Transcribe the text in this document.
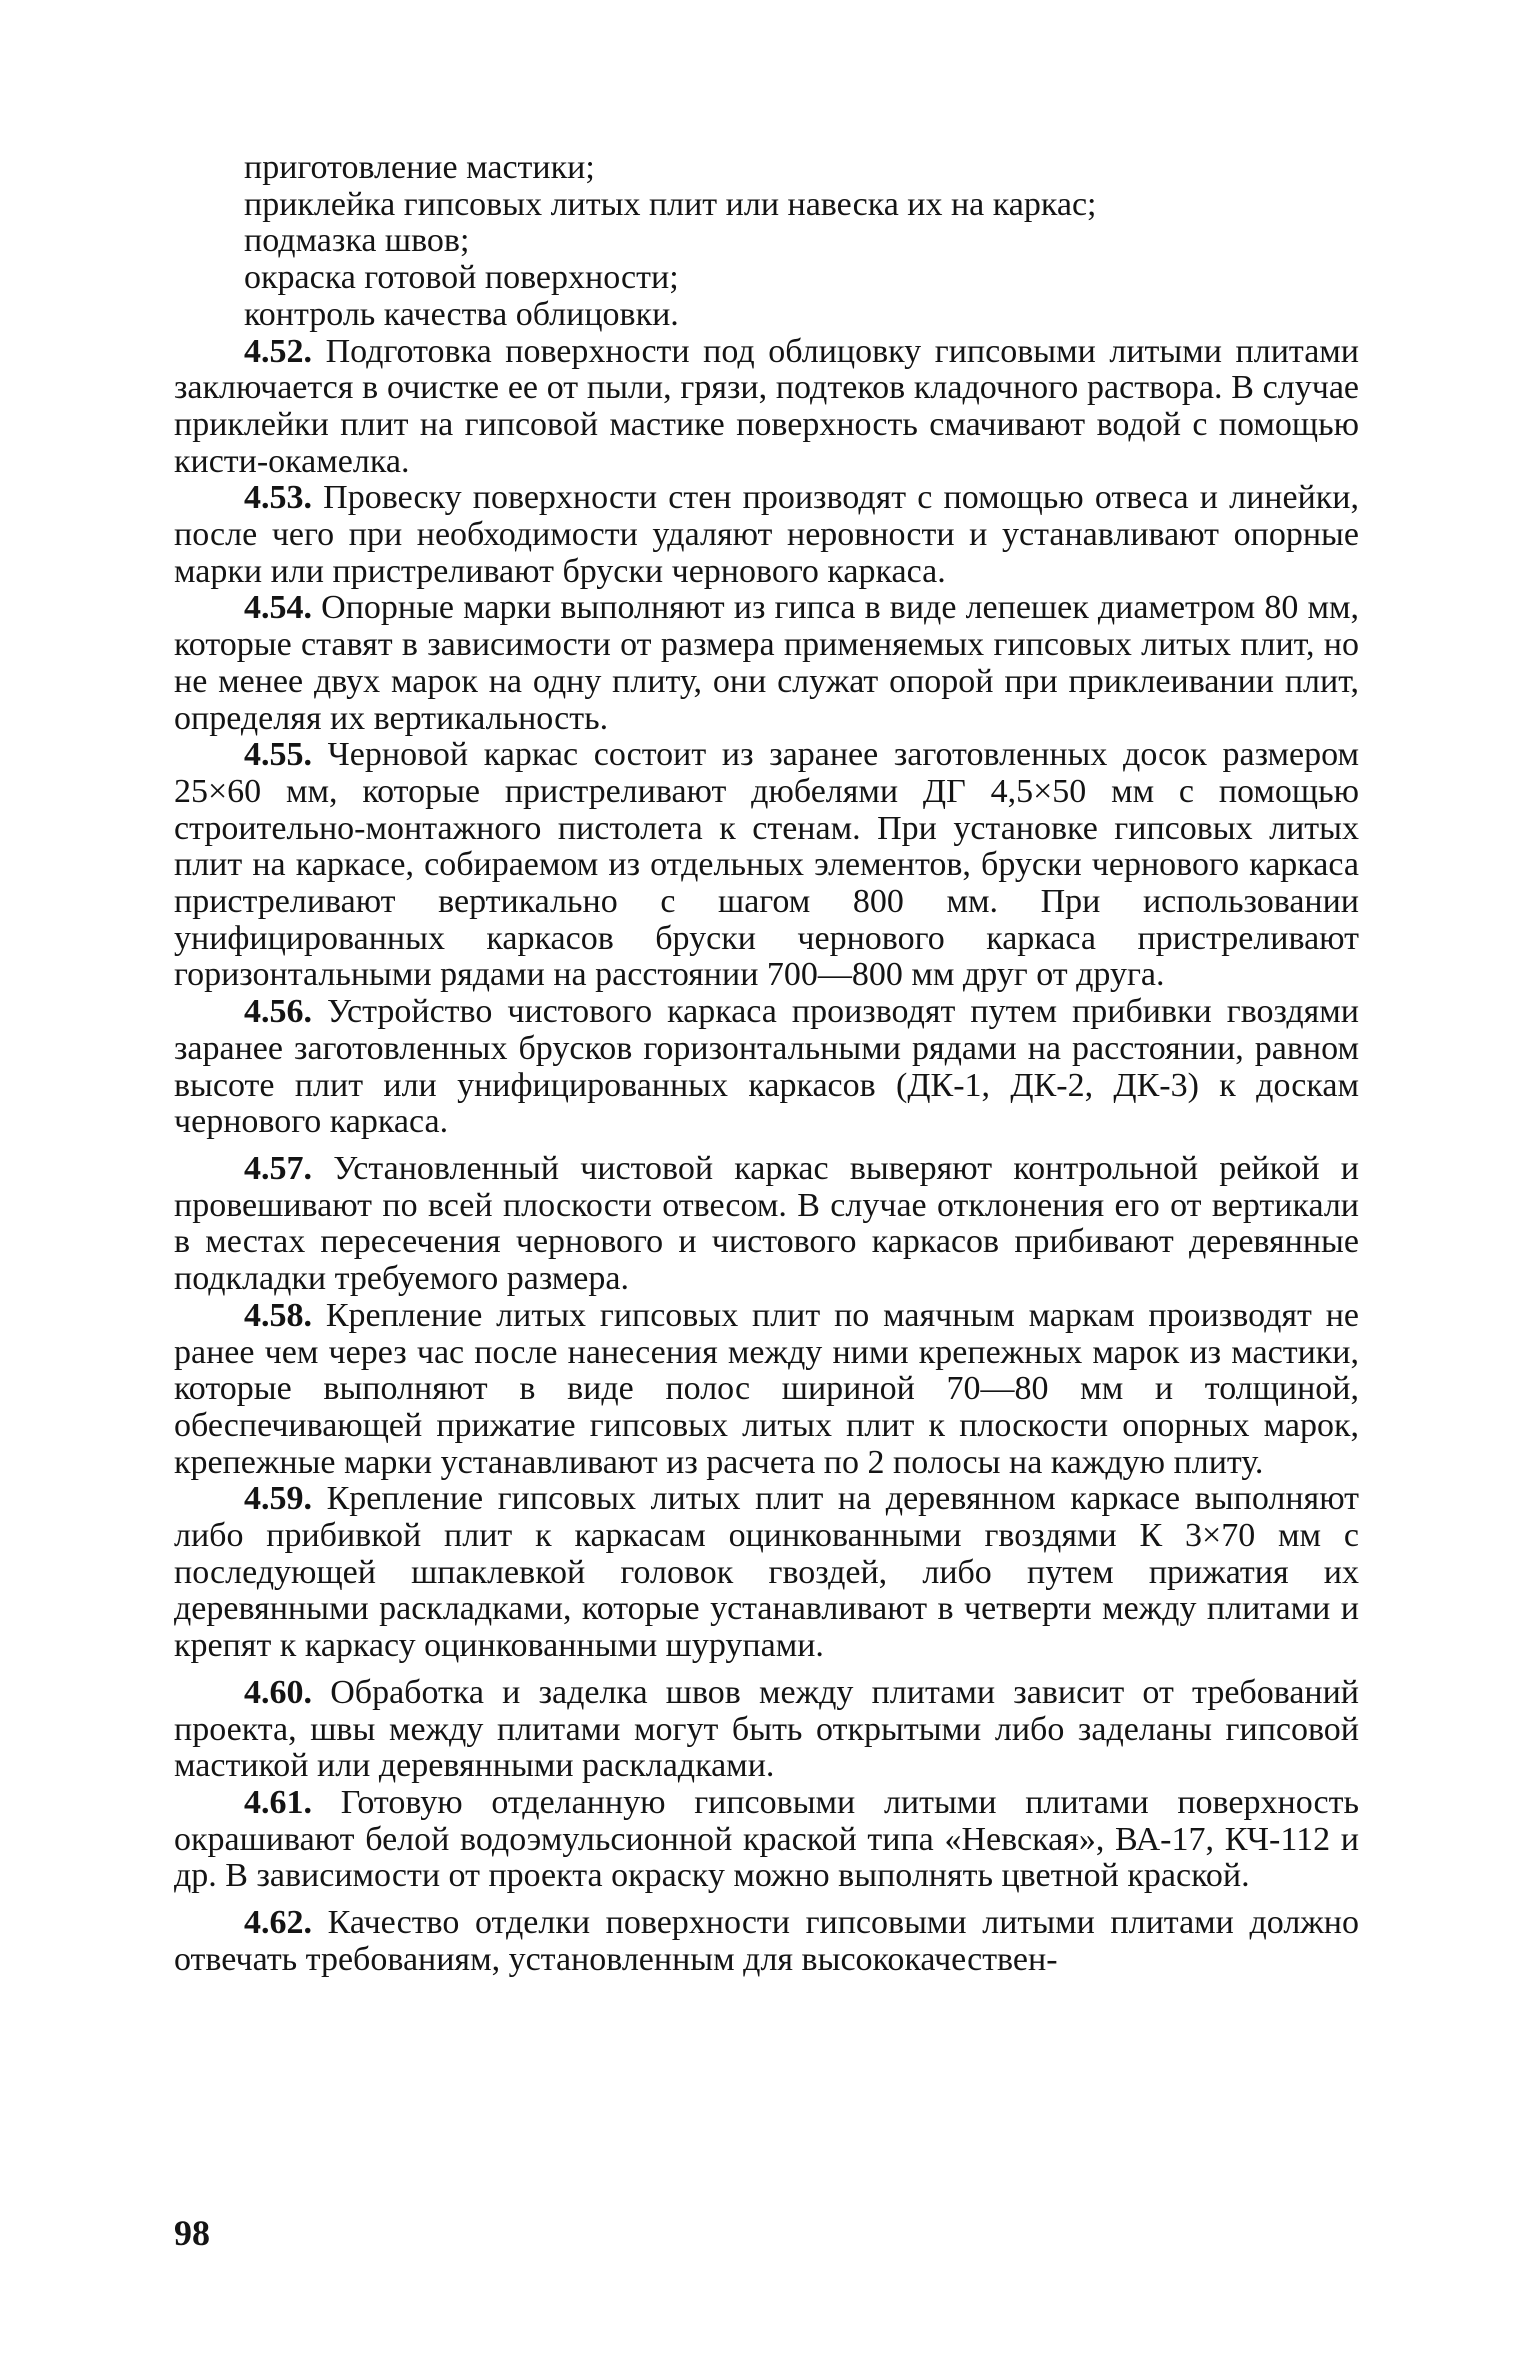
приготовление мастики;
приклейка гипсовых литых плит или навеска их на каркас;
подмазка швов;
окраска готовой поверхности;
контроль качества облицовки.

4.52. Подготовка поверхности под облицовку гипсовыми литыми плитами заключается в очистке ее от пыли, грязи, подтеков кладочного раствора. В случае приклейки плит на гипсовой мастике поверхность смачивают водой с помощью кисти-окамелка.

4.53. Провеску поверхности стен производят с помощью отвеса и линейки, после чего при необходимости удаляют неровности и устанавливают опорные марки или пристреливают бруски чернового каркаса.

4.54. Опорные марки выполняют из гипса в виде лепешек диаметром 80 мм, которые ставят в зависимости от размера применяемых гипсовых литых плит, но не менее двух марок на одну плиту, они служат опорой при приклеивании плит, определяя их вертикальность.

4.55. Черновой каркас состоит из заранее заготовленных досок размером 25×60 мм, которые пристреливают дюбелями ДГ 4,5×50 мм с помощью строительно-монтажного пистолета к стенам. При установке гипсовых литых плит на каркасе, собираемом из отдельных элементов, бруски чернового каркаса пристреливают вертикально с шагом 800 мм. При использовании унифицированных каркасов бруски чернового каркаса пристреливают горизонтальными рядами на расстоянии 700—800 мм друг от друга.

4.56. Устройство чистового каркаса производят путем прибивки гвоздями заранее заготовленных брусков горизонтальными рядами на расстоянии, равном высоте плит или унифицированных каркасов (ДК-1, ДК-2, ДК-3) к доскам чернового каркаса.

4.57. Установленный чистовой каркас выверяют контрольной рейкой и провешивают по всей плоскости отвесом. В случае отклонения его от вертикали в местах пересечения чернового и чистового каркасов прибивают деревянные подкладки требуемого размера.

4.58. Крепление литых гипсовых плит по маячным маркам производят не ранее чем через час после нанесения между ними крепежных марок из мастики, которые выполняют в виде полос шириной 70—80 мм и толщиной, обеспечивающей прижатие гипсовых литых плит к плоскости опорных марок, крепежные марки устанавливают из расчета по 2 полосы на каждую плиту.

4.59. Крепление гипсовых литых плит на деревянном каркасе выполняют либо прибивкой плит к каркасам оцинкованными гвоздями К 3×70 мм с последующей шпаклевкой головок гвоздей, либо путем прижатия их деревянными раскладками, которые устанавливают в четверти между плитами и крепят к каркасу оцинкованными шурупами.

4.60. Обработка и заделка швов между плитами зависит от требований проекта, швы между плитами могут быть открытыми либо заделаны гипсовой мастикой или деревянными раскладками.

4.61. Готовую отделанную гипсовыми литыми плитами поверхность окрашивают белой водоэмульсионной краской типа «Невская», ВА-17, КЧ-112 и др. В зависимости от проекта окраску можно выполнять цветной краской.

4.62. Качество отделки поверхности гипсовыми литыми плитами должно отвечать требованиям, установленным для высококачествен-

98
